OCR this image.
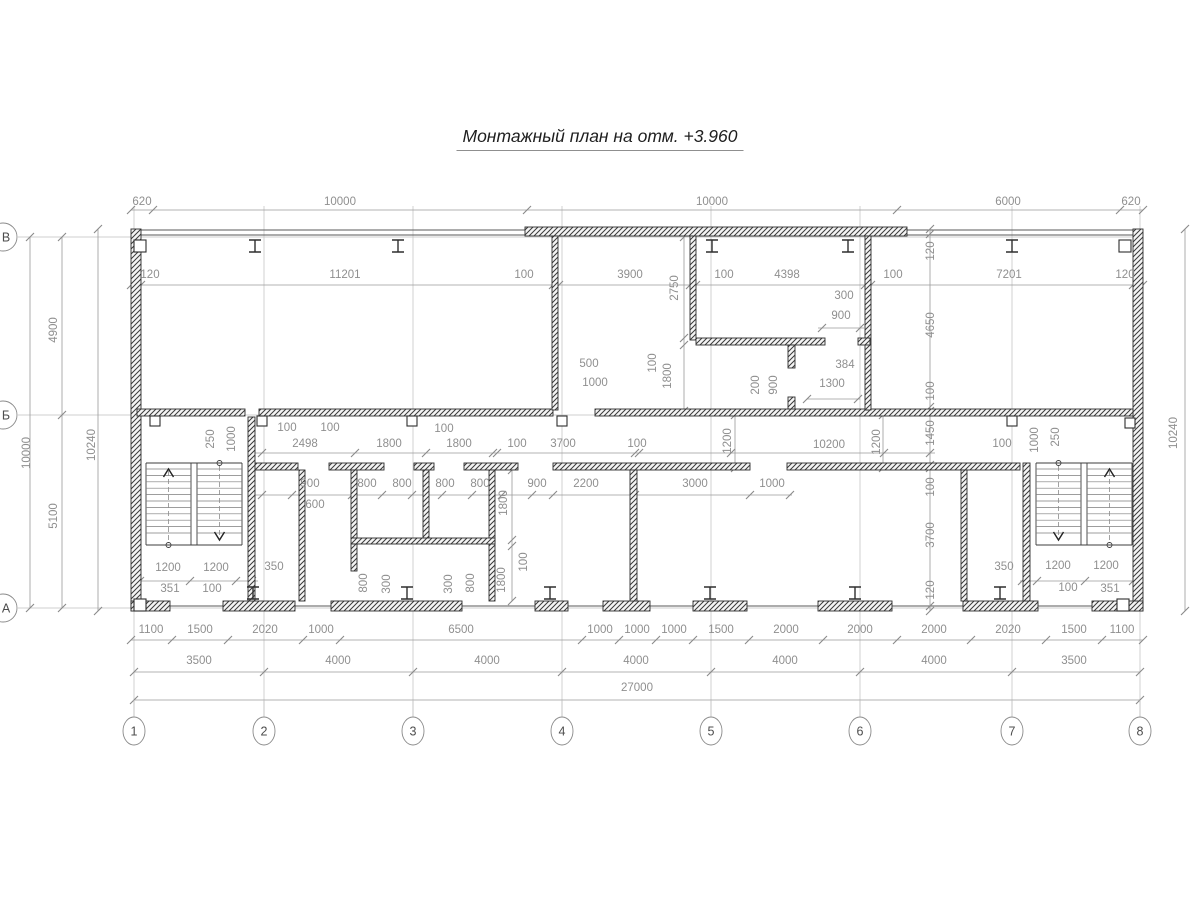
Монтажный план на отм. +3.960
620	10000	10000	6000	620
120	11201	100	3900	100	4398	100	7201	120
2750	300
900
384
1300
200 900
500
1000
100
1800
120
4650
100
1450
100
3700
120
10240
10000
4900
5100
10240	250 1000	100 100
2498	1800
100
1800	100 3700	100	1200	10200 1200	100 1000 250
900
600
800 800 800 800	900 2200	3000	1000
1800
100
1800
800 300	300 800
1200 1200	350
351 100
350	1200 1200
100 351
1100 1500	2020	1000	6500	1000 1000 1000 1500	2000	2000	2000	2020	1500 1100
3500	4000	4000	4000	4000	4000	3500
27000
1	2	3	4	5	6	7	8
В
Б
А
